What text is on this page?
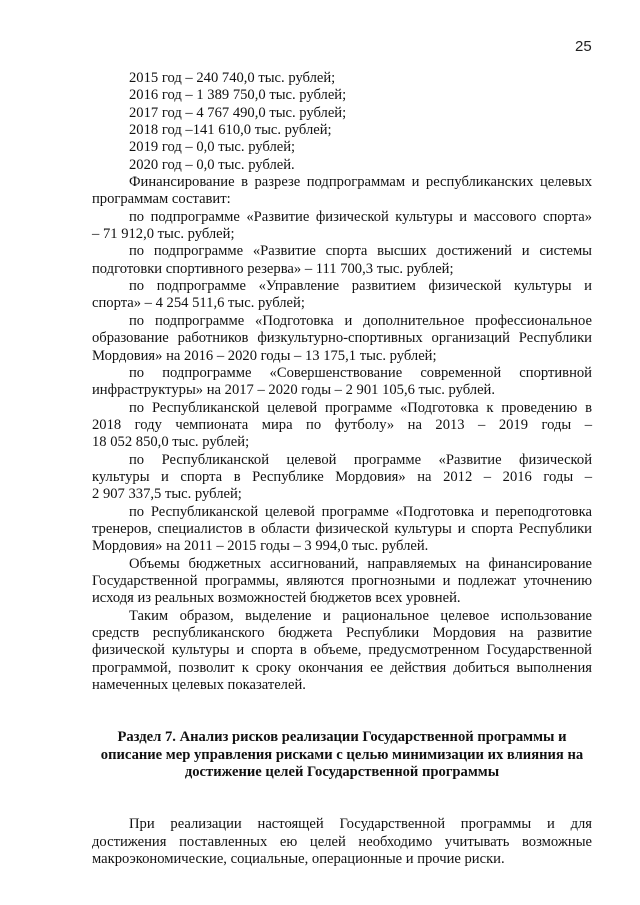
25
2015 год – 240 740,0 тыс. рублей;
2016 год – 1 389 750,0 тыс. рублей;
2017 год – 4 767 490,0 тыс. рублей;
2018 год –141 610,0 тыс. рублей;
2019 год – 0,0 тыс. рублей;
2020 год – 0,0 тыс. рублей.
Финансирование в разрезе подпрограммам и республиканских целевых
программам составит:
по подпрограмме «Развитие физической культуры и массового спорта»
– 71 912,0 тыс. рублей;
по подпрограмме «Развитие спорта высших достижений и системы
подготовки спортивного резерва» – 111 700,3 тыс. рублей;
по подпрограмме «Управление развитием физической культуры и
спорта» – 4 254 511,6 тыс. рублей;
по подпрограмме «Подготовка и дополнительное профессиональное
образование работников физкультурно-спортивных организаций Республики
Мордовия» на 2016 – 2020 годы – 13 175,1 тыс. рублей;
по подпрограмме «Совершенствование современной спортивной
инфраструктуры» на 2017 – 2020 годы – 2 901 105,6 тыс. рублей.
по Республиканской целевой программе «Подготовка к проведению в
2018 году чемпионата мира по футболу» на 2013 – 2019 годы –
18 052 850,0 тыс. рублей;
по Республиканской целевой программе «Развитие физической
культуры и спорта в Республике Мордовия» на 2012 – 2016 годы –
2 907 337,5 тыс. рублей;
по Республиканской целевой программе «Подготовка и переподготовка
тренеров, специалистов в области физической культуры и спорта Республики
Мордовия» на 2011 – 2015 годы – 3 994,0 тыс. рублей.
Объемы бюджетных ассигнований, направляемых на финансирование
Государственной программы, являются прогнозными и подлежат уточнению
исходя из реальных возможностей бюджетов всех уровней.
Таким образом, выделение и рациональное целевое использование
средств республиканского бюджета Республики Мордовия на развитие
физической культуры и спорта в объеме, предусмотренном Государственной
программой, позволит к сроку окончания ее действия добиться выполнения
намеченных целевых показателей.
Раздел 7. Анализ рисков реализации Государственной программы и
описание мер управления рисками с целью минимизации их влияния на
достижение целей Государственной программы
При реализации настоящей Государственной программы и для
достижения поставленных ею целей необходимо учитывать возможные
макроэкономические, социальные, операционные и прочие риски.
